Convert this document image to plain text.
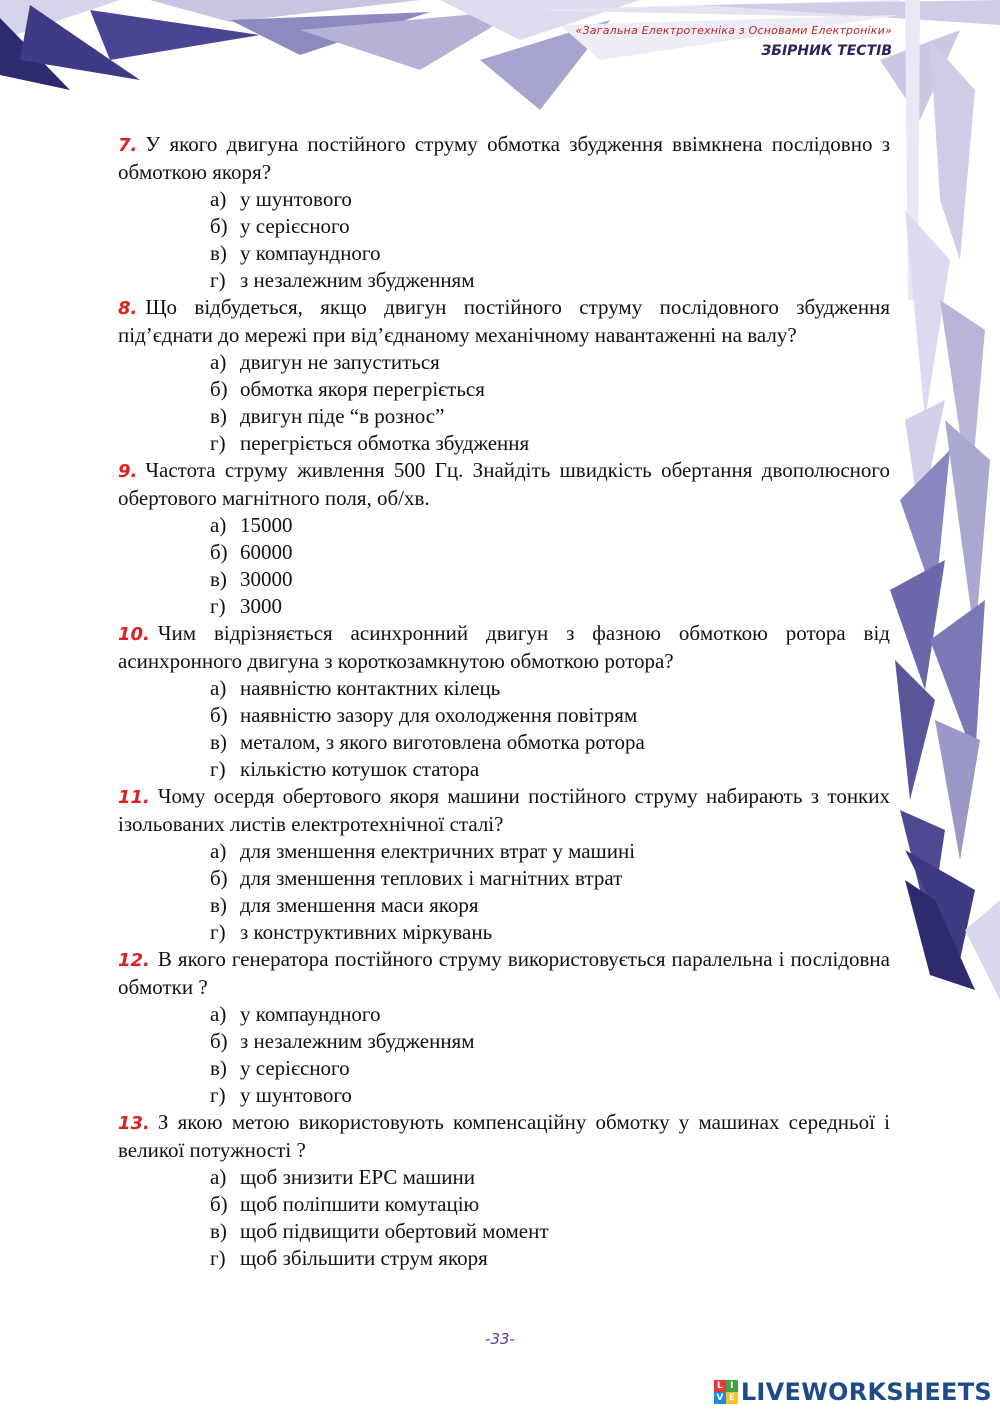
«Загальна Електротехніка з Основами Електроніки»
ЗБІРНИК ТЕСТІВ
7. У якого двигуна постійного струму обмотка збудження ввімкнена послідовно з обмоткою якоря?
а) у шунтового
б) у серієсного
в) у компаундного
г) з незалежним збудженням
8. Що відбудеться, якщо двигун постійного струму послідовного збудження під’єднати до мережі при від’єднаному механічному навантаженні на валу?
а) двигун не запуститься
б) обмотка якоря перегріється
в) двигун піде “в рознос”
г) перегріється обмотка збудження
9. Частота струму живлення 500 Гц. Знайдіть швидкість обертання двополюсного обертового магнітного поля, об/хв.
а) 15000
б) 60000
в) 30000
г) 3000
10. Чим відрізняється асинхронний двигун з фазною обмоткою ротора від асинхронного двигуна з короткозамкнутою обмоткою ротора?
а) наявністю контактних кілець
б) наявністю зазору для охолодження повітрям
в) металом, з якого виготовлена обмотка ротора
г) кількістю котушок статора
11. Чому осердя обертового якоря машини постійного струму набирають з тонких ізольованих листів електротехнічної сталі?
а) для зменшення електричних втрат у машині
б) для зменшення теплових і магнітних втрат
в) для зменшення маси якоря
г) з конструктивних міркувань
12. В якого генератора постійного струму використовується паралельна і послідовна обмотки ?
а) у компаундного
б) з незалежним збудженням
в) у серієсного
г) у шунтового
13. З якою метою використовують компенсаційну обмотку у машинах середньої і великої потужності ?
а) щоб знизити ЕРС машини
б) щоб поліпшити комутацію
в) щоб підвищити обертовий момент
г) щоб збільшити струм якоря
-33-
L I
V E LIVEWORKSHEETS
